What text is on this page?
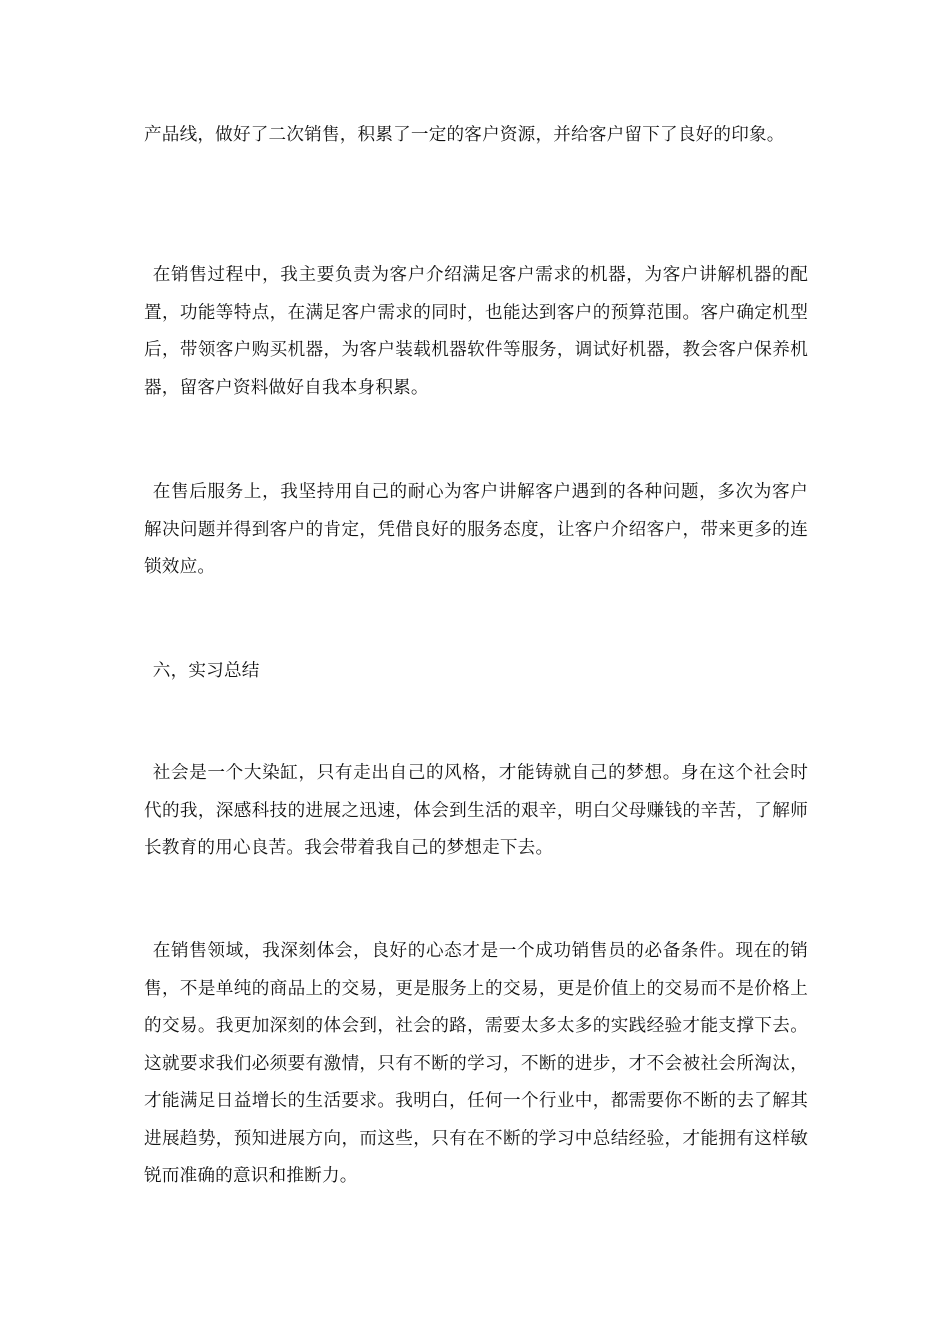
产品线，做好了二次销售，积累了一定的客户资源，并给客户留下了良好的印象。

在销售过程中，我主要负责为客户介绍满足客户需求的机器，为客户讲解机器的配置，功能等特点，在满足客户需求的同时，也能达到客户的预算范围。客户确定机型后，带领客户购买机器，为客户装载机器软件等服务，调试好机器，教会客户保养机器，留客户资料做好自我本身积累。

在售后服务上，我坚持用自己的耐心为客户讲解客户遇到的各种问题，多次为客户解决问题并得到客户的肯定，凭借良好的服务态度，让客户介绍客户，带来更多的连锁效应。

六，实习总结

社会是一个大染缸，只有走出自己的风格，才能铸就自己的梦想。身在这个社会时代的我，深感科技的进展之迅速，体会到生活的艰辛，明白父母赚钱的辛苦，了解师长教育的用心良苦。我会带着我自己的梦想走下去。

在销售领域，我深刻体会，良好的心态才是一个成功销售员的必备条件。现在的销售，不是单纯的商品上的交易，更是服务上的交易，更是价值上的交易而不是价格上的交易。我更加深刻的体会到，社会的路，需要太多太多的实践经验才能支撑下去。这就要求我们必须要有激情，只有不断的学习，不断的进步，才不会被社会所淘汰，才能满足日益增长的生活要求。我明白，任何一个行业中，都需要你不断的去了解其进展趋势，预知进展方向，而这些，只有在不断的学习中总结经验，才能拥有这样敏锐而准确的意识和推断力。
